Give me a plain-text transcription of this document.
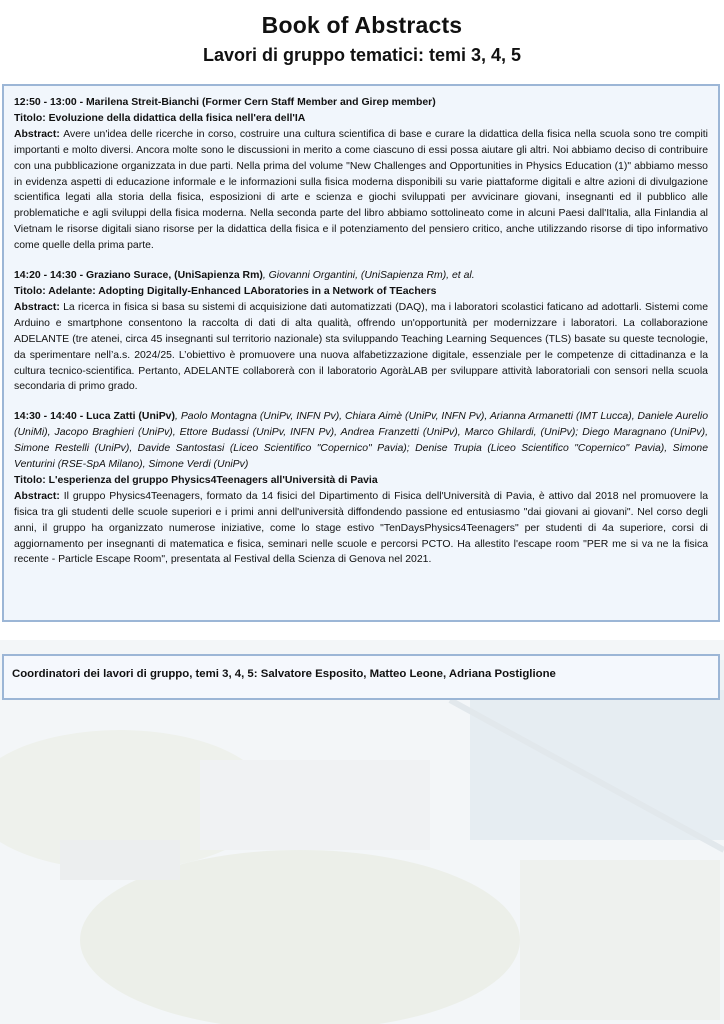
Book of Abstracts
Lavori di gruppo tematici: temi 3, 4, 5

12:50 - 13:00 - Marilena Streit-Bianchi (Former Cern Staff Member and Girep member)

Titolo: Evoluzione della didattica della fisica nell'era dell'IA

Abstract: Avere un'idea delle ricerche in corso, costruire una cultura scientifica di base e curare la didattica della fisica nella scuola sono tre compiti importanti e molto diversi. Ancora molte sono le discussioni in merito a come ciascuno di essi possa aiutare gli altri. Noi abbiamo deciso di contribuire con una pubblicazione organizzata in due parti. Nella prima del volume "New Challenges and Opportunities in Physics Education (1)" abbiamo messo in evidenza aspetti di educazione informale e le informazioni sulla fisica moderna disponibili su varie piattaforme digitali e altre azioni di divulgazione scientifica legati alla storia della fisica, esposizioni di arte e scienza e giochi sviluppati per avvicinare giovani, insegnanti ed il pubblico alle problematiche e agli sviluppi della fisica moderna. Nella seconda parte del libro abbiamo sottolineato come in alcuni Paesi dall'Italia, alla Finlandia al Vietnam le risorse digitali siano risorse per la didattica della fisica e il potenziamento del pensiero critico, anche utilizzando risorse di tipo informativo come quelle della prima parte.

14:20 - 14:30 - Graziano Surace, (UniSapienza Rm), Giovanni Organtini, (UniSapienza Rm), et al.

Titolo: Adelante: Adopting Digitally-Enhanced LAboratories in a Network of TEachers

Abstract: La ricerca in fisica si basa su sistemi di acquisizione dati automatizzati (DAQ), ma i laboratori scolastici faticano ad adottarli. Sistemi come Arduino e smartphone consentono la raccolta di dati di alta qualità, offrendo un'opportunità per modernizzare i laboratori. La collaborazione ADELANTE (tre atenei, circa 45 insegnanti sul territorio nazionale) sta sviluppando Teaching Learning Sequences (TLS) basate su queste tecnologie, da sperimentare nell’a.s. 2024/25. L’obiettivo è promuovere una nuova alfabetizzazione digitale, essenziale per le competenze di cittadinanza e la cultura tecnico-scientifica. Pertanto, ADELANTE collaborerà con il laboratorio AgoràLAB per sviluppare attività laboratoriali con sensori nella scuola secondaria di primo grado.

14:30 - 14:40 - Luca Zatti (UniPv), Paolo Montagna (UniPv, INFN Pv), Chiara Aimè (UniPv, INFN Pv), Arianna Armanetti (IMT Lucca), Daniele Aurelio (UniMi), Jacopo Braghieri (UniPv), Ettore Budassi (UniPv, INFN Pv), Andrea Franzetti (UniPv), Marco Ghilardi, (UniPv); Diego Maragnano (UniPv), Simone Restelli (UniPv), Davide Santostasi (Liceo Scientifico "Copernico" Pavia); Denise Trupia (Liceo Scientifico "Copernico" Pavia), Simone Venturini (RSE-SpA Milano), Simone Verdi (UniPv)

Titolo: L'esperienza del gruppo Physics4Teenagers all'Università di Pavia

Abstract: Il gruppo Physics4Teenagers, formato da 14 fisici del Dipartimento di Fisica dell'Università di Pavia, è attivo dal 2018 nel promuovere la fisica tra gli studenti delle scuole superiori e i primi anni dell'università diffondendo passione ed entusiasmo "dai giovani ai giovani". Nel corso degli anni, il gruppo ha organizzato numerose iniziative, come lo stage estivo "TenDaysPhysics4Teenagers" per studenti di 4a superiore, corsi di aggiornamento per insegnanti di matematica e fisica, seminari nelle scuole e percorsi PCTO. Ha allestito l'escape room "PER me si va ne la fisica recente - Particle Escape Room", presentata al Festival della Scienza di Genova nel 2021.

Coordinatori dei lavori di gruppo, temi 3, 4, 5: Salvatore Esposito, Matteo Leone, Adriana Postiglione
